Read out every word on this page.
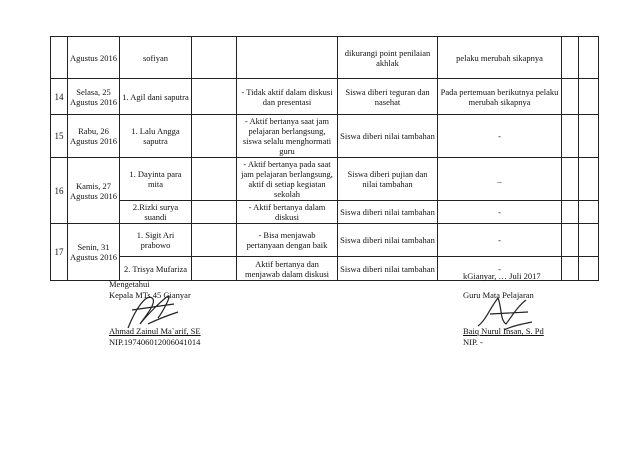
	Agustus 2016	sofiyan			dikurangi point penilaian akhlak	pelaku merubah sikapnya		
14	Selasa, 25 Agustus 2016	1. Agil dani saputra		- Tidak aktif dalam diskusi dan presentasi	Siswa diberi teguran dan nasehat	Pada pertemuan berikutnya pelaku merubah sikapnya		
15	Rabu, 26 Agustus 2016	1. Lalu Angga saputra		- Aktif bertanya saat jam pelajaran berlangsung, siswa selalu menghormati guru	Siswa diberi nilai tambahan	-		
16	Kamis, 27 Agustus 2016	1. Dayinta para mita		- Aktif bertanya pada saat jam pelajaran berlangsung, aktif di setiap kegiatan sekolah	Siswa diberi pujian dan nilai tambahan	_		
		2.Rizki surya suandi		- Aktif bertanya dalam diskusi	Siswa diberi nilai tambahan	-		
17	Senin, 31 Agustus 2016	1. Sigit Ari prabowo		- Bisa menjawab pertanyaan dengan baik	Siswa diberi nilai tambahan	-		
		2. Trisya Mufariza		Aktif bertanya dan menjawab dalam diskusi	Siswa diberi nilai tambahan	-		
Mengetahui
Kepala MTs 45 Gianyar
Ahmad Zainul Ma`arif, SE
NIP.197406012006041014
kGianyar, … Juli 2017
Guru Mata Pelajaran
Baiq Nurul Insan, S. Pd
NIP. -
